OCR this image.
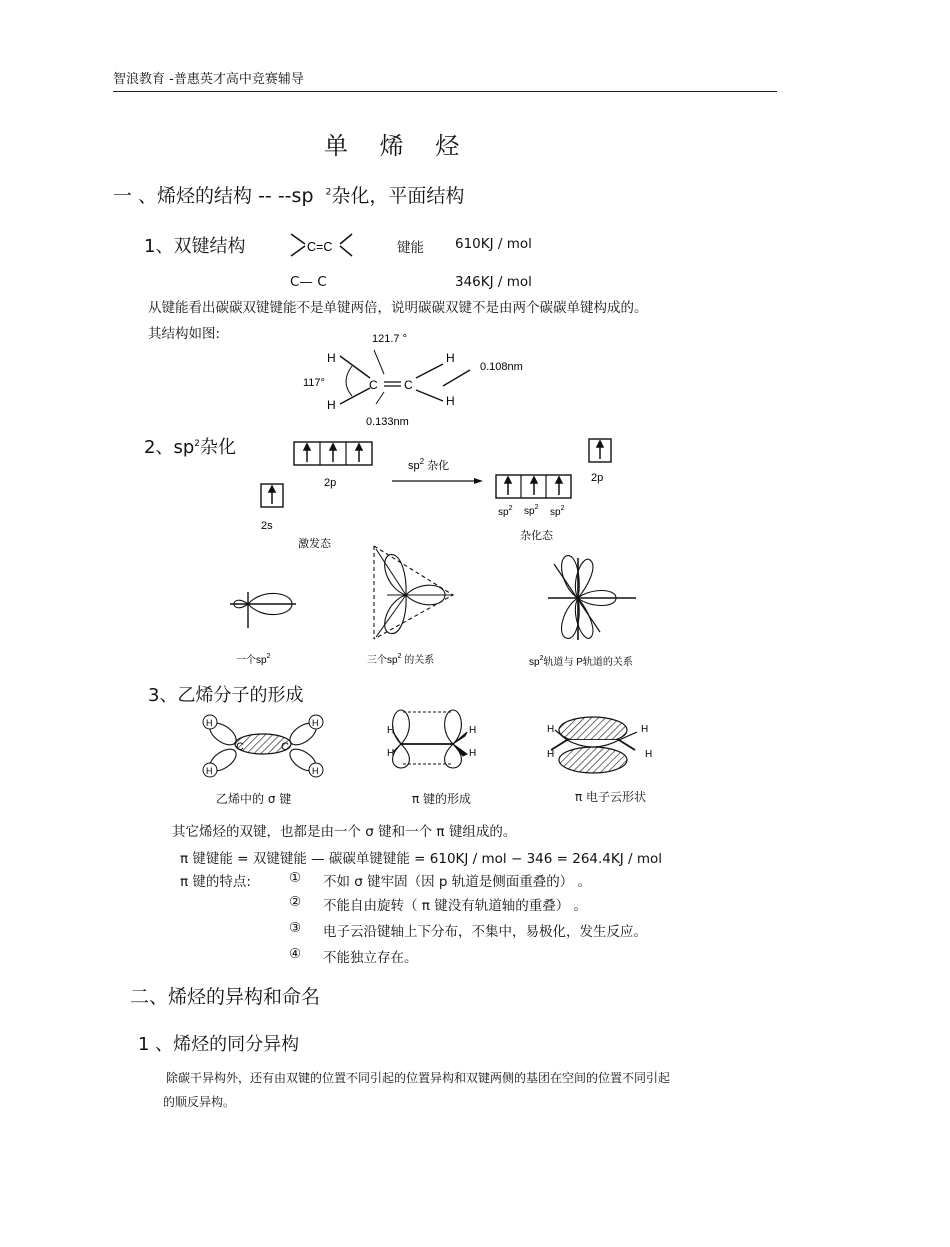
智浪教育 -普惠英才高中竞赛辅导
单 烯 烃
一 、烯烃的结构 -- --sp $^2$杂化，平面结构
1、双键结构	C=C	键能 610KJ / mol
C— C	346KJ / mol
从键能看出碳碳双键键能不是单键两倍，说明碳碳双键不是由两个碳碳单键构成的。
其结构如图:	121.7 °
H
117°
H
C C
H
H
0.108nm
0.133nm
2、$sp^2$杂化
2p
2s
激发态
$sp^2$ 杂化
2p
$sp^2$ $sp^2$ $sp^2$
杂化态
一个$sp^2$	三个$sp^2$ 的关系	$sp^2$轨道与 P轨道的关系
3、乙烯分子的形成
C	C
H	H
H	H
H
H
H
H
H
H
H
H
乙烯中的 σ 键	π 键的形成	π 电子云形状
其它烯烃的双键，也都是由一个 σ 键和一个 π 键组成的。
π 键键能 = 双键键能 — 碳碳单键键能 = 610KJ / mol − 346 = 264.4KJ / mol
π 键的特点:	① 不如 σ 键牢固（因 p 轨道是侧面重叠的） 。
② 不能自由旋转（ π 键没有轨道轴的重叠） 。
③ 电子云沿键轴上下分布，不集中，易极化，发生反应。
④ 不能独立存在。
二、烯烃的异构和命名
1 、烯烃的同分异构
除碳干异构外，还有由双键的位置不同引起的位置异构和双键两侧的基团在空间的位置不同引起
的顺反异构。
